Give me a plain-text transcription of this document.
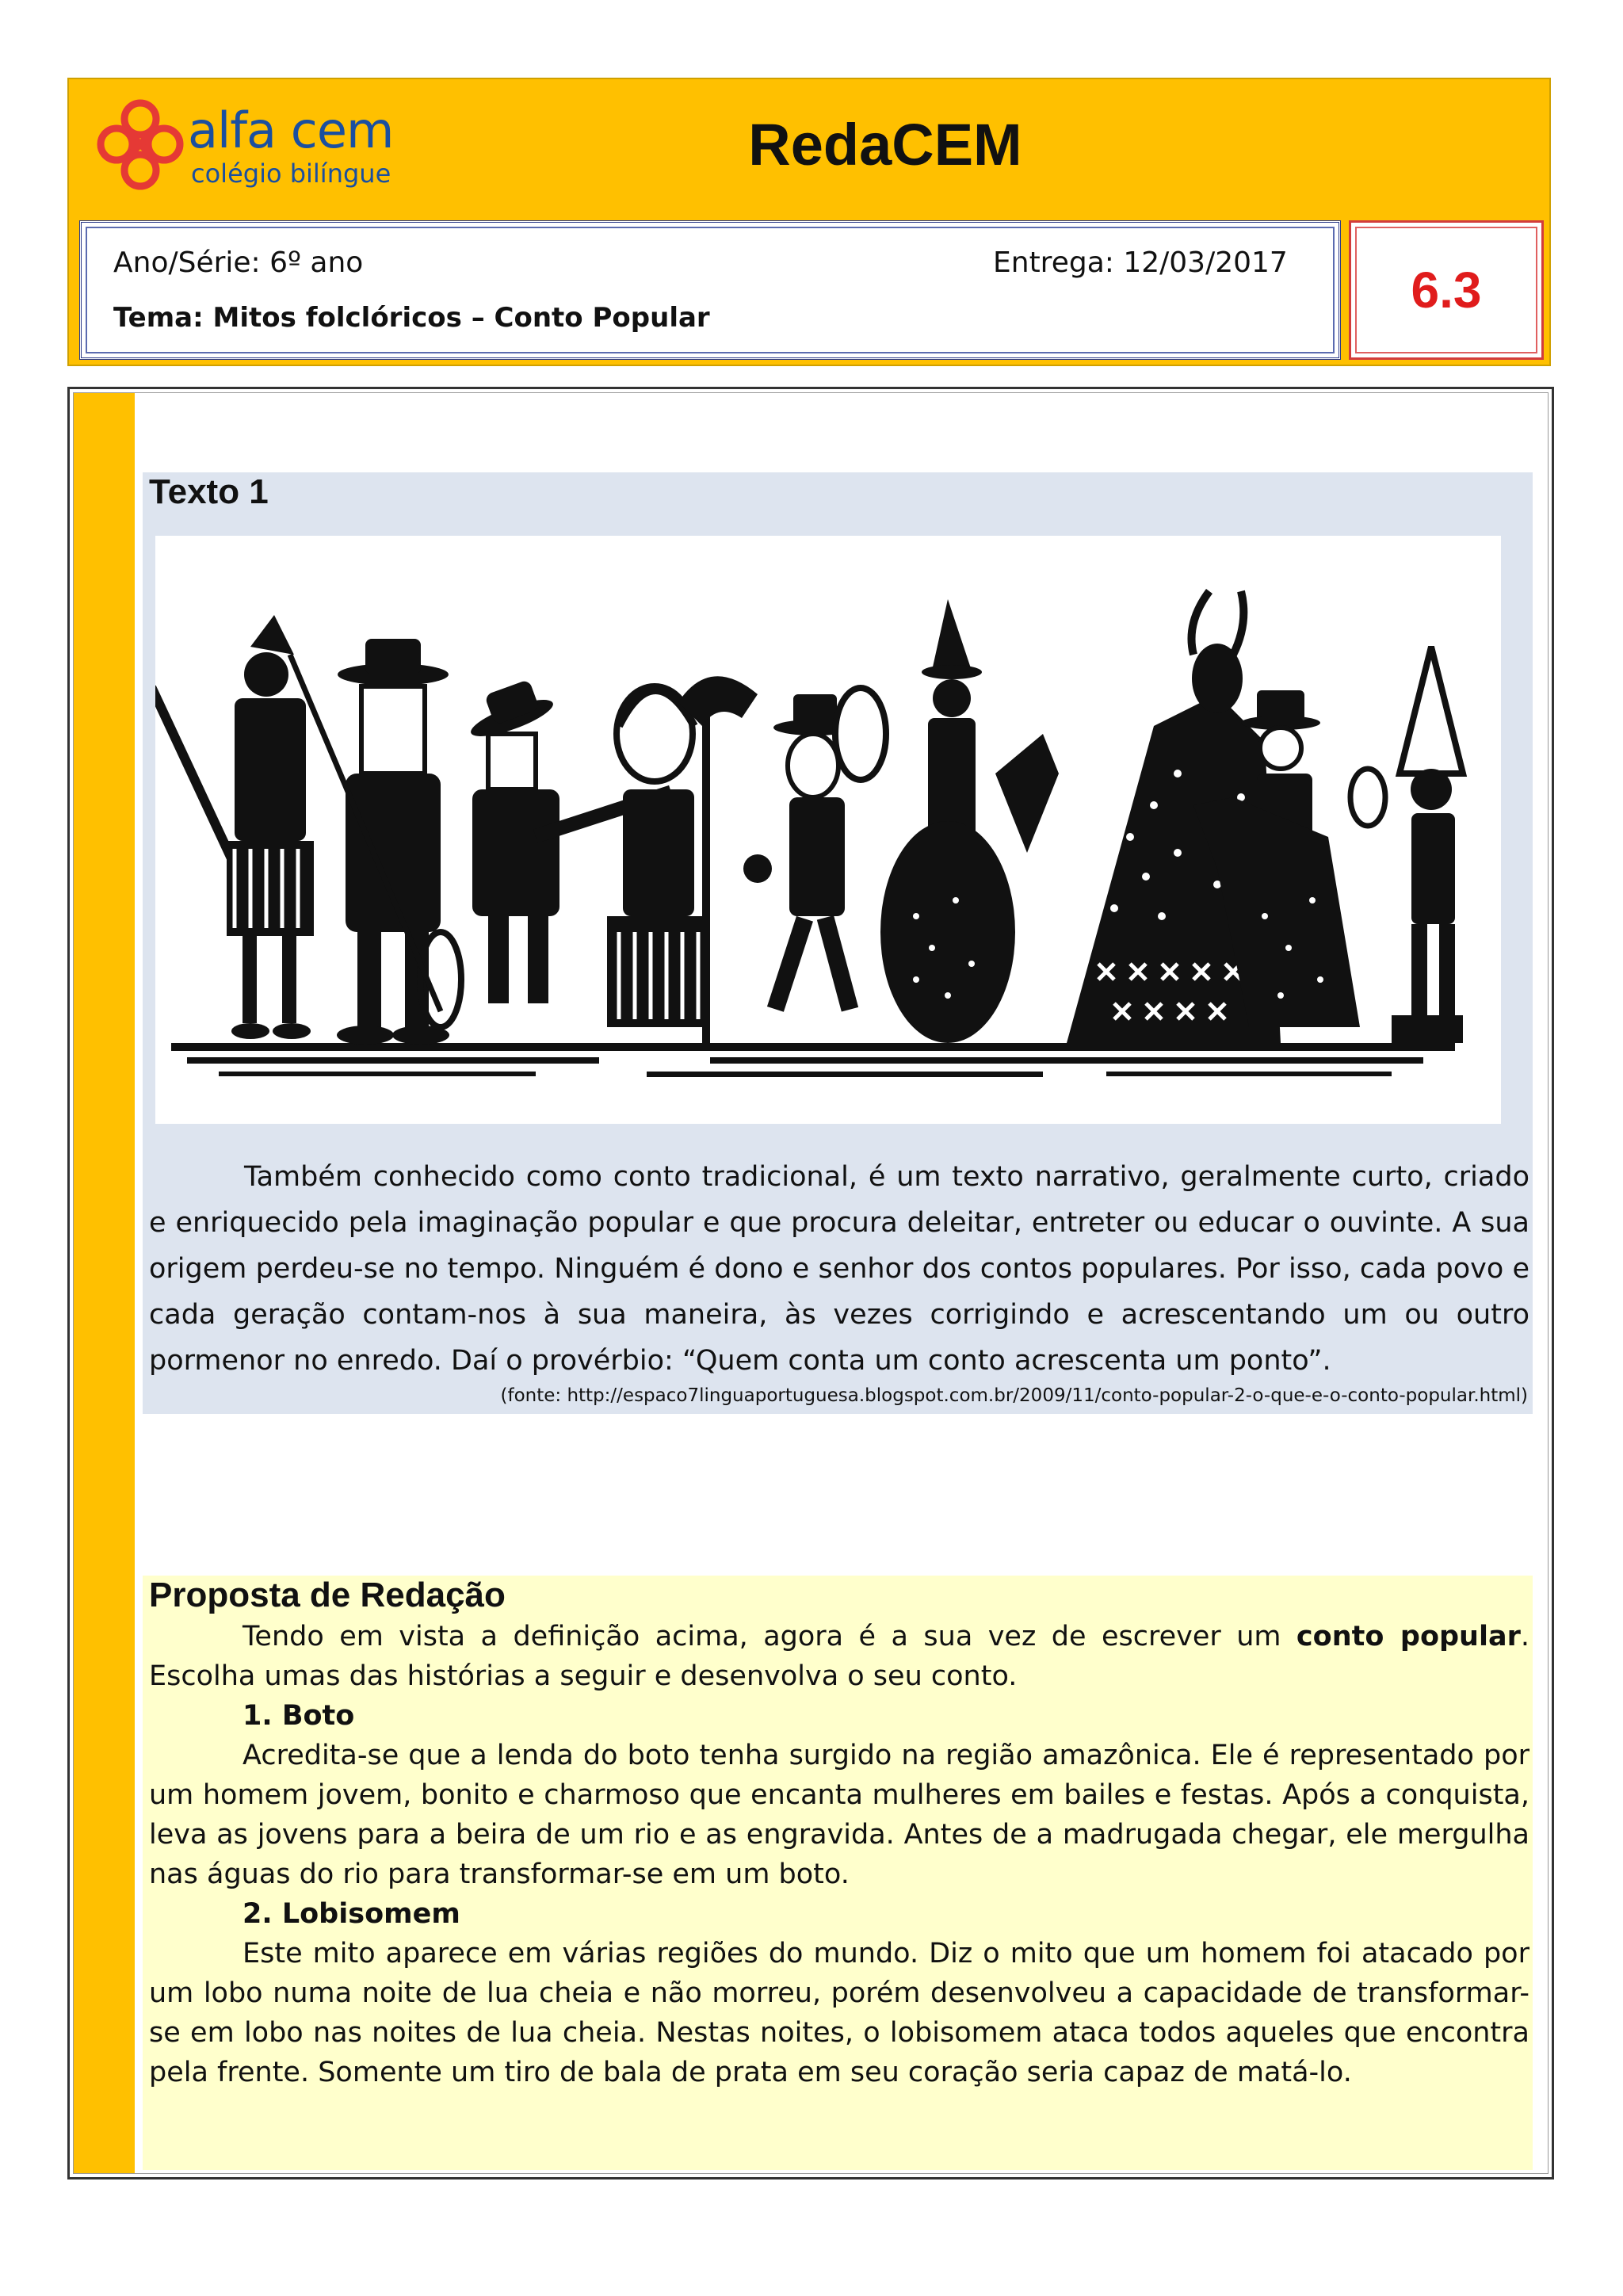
alfa cem
colégio bilíngue	RedaCEM
Ano/Série: 6º ano	Entrega: 12/03/2017
Tema: Mitos folclóricos – Conto Popular	6.3
Texto 1
Também conhecido como conto tradicional, é um texto narrativo, geralmente curto, criado e enriquecido pela imaginação popular e que procura deleitar, entreter ou educar o ouvinte. A sua origem perdeu-se no tempo. Ninguém é dono e senhor dos contos populares. Por isso, cada povo e cada geração contam-nos à sua maneira, às vezes corrigindo e acrescentando um ou outro pormenor no enredo. Daí o provérbio: “Quem conta um conto acrescenta um ponto”.
(fonte: http://espaco7linguaportuguesa.blogspot.com.br/2009/11/conto-popular-2-o-que-e-o-conto-popular.html)
Proposta de Redação

Tendo em vista a definição acima, agora é a sua vez de escrever um conto popular. Escolha umas das histórias a seguir e desenvolva o seu conto.

1. Boto

Acredita-se que a lenda do boto tenha surgido na região amazônica. Ele é representado por um homem jovem, bonito e charmoso que encanta mulheres em bailes e festas. Após a conquista, leva as jovens para a beira de um rio e as engravida. Antes de a madrugada chegar, ele mergulha nas águas do rio para transformar-se em um boto.

2. Lobisomem

Este mito aparece em várias regiões do mundo. Diz o mito que um homem foi atacado por um lobo numa noite de lua cheia e não morreu, porém desenvolveu a capacidade de transformar-se em lobo nas noites de lua cheia. Nestas noites, o lobisomem ataca todos aqueles que encontra pela frente. Somente um tiro de bala de prata em seu coração seria capaz de matá-lo.
